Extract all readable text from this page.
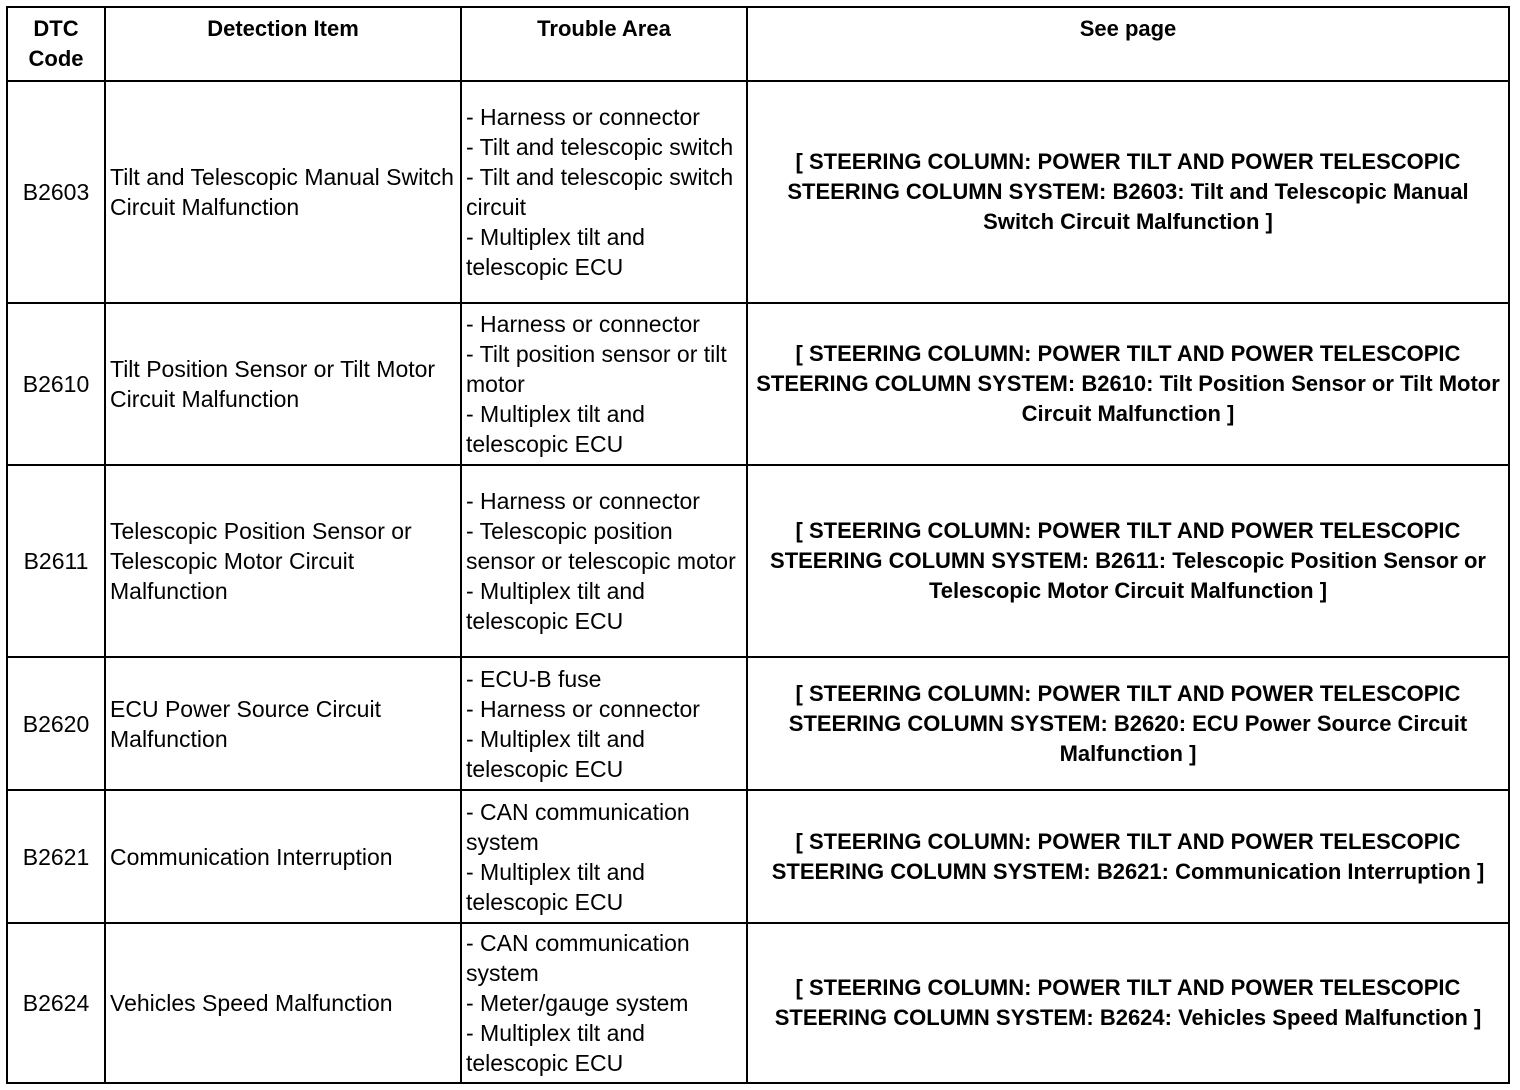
DTC
Code	Detection Item	Trouble Area	See page
B2603	Tilt and Telescopic Manual Switch Circuit Malfunction	- Harness or connector
- Tilt and telescopic switch
- Tilt and telescopic switch circuit
- Multiplex tilt and telescopic ECU	[ STEERING COLUMN: POWER TILT AND POWER TELESCOPIC STEERING COLUMN SYSTEM: B2603: Tilt and Telescopic Manual Switch Circuit Malfunction ]
B2610	Tilt Position Sensor or Tilt Motor Circuit Malfunction	- Harness or connector
- Tilt position sensor or tilt motor
- Multiplex tilt and telescopic ECU	[ STEERING COLUMN: POWER TILT AND POWER TELESCOPIC STEERING COLUMN SYSTEM: B2610: Tilt Position Sensor or Tilt Motor Circuit Malfunction ]
B2611	Telescopic Position Sensor or Telescopic Motor Circuit Malfunction	- Harness or connector
- Telescopic position sensor or telescopic motor
- Multiplex tilt and telescopic ECU	[ STEERING COLUMN: POWER TILT AND POWER TELESCOPIC STEERING COLUMN SYSTEM: B2611: Telescopic Position Sensor or Telescopic Motor Circuit Malfunction ]
B2620	ECU Power Source Circuit Malfunction	- ECU-B fuse
- Harness or connector
- Multiplex tilt and telescopic ECU	[ STEERING COLUMN: POWER TILT AND POWER TELESCOPIC STEERING COLUMN SYSTEM: B2620: ECU Power Source Circuit Malfunction ]
B2621	Communication Interruption	- CAN communication system
- Multiplex tilt and telescopic ECU	[ STEERING COLUMN: POWER TILT AND POWER TELESCOPIC STEERING COLUMN SYSTEM: B2621: Communication Interruption ]
B2624	Vehicles Speed Malfunction	- CAN communication system
- Meter/gauge system
- Multiplex tilt and telescopic ECU	[ STEERING COLUMN: POWER TILT AND POWER TELESCOPIC STEERING COLUMN SYSTEM: B2624: Vehicles Speed Malfunction ]
